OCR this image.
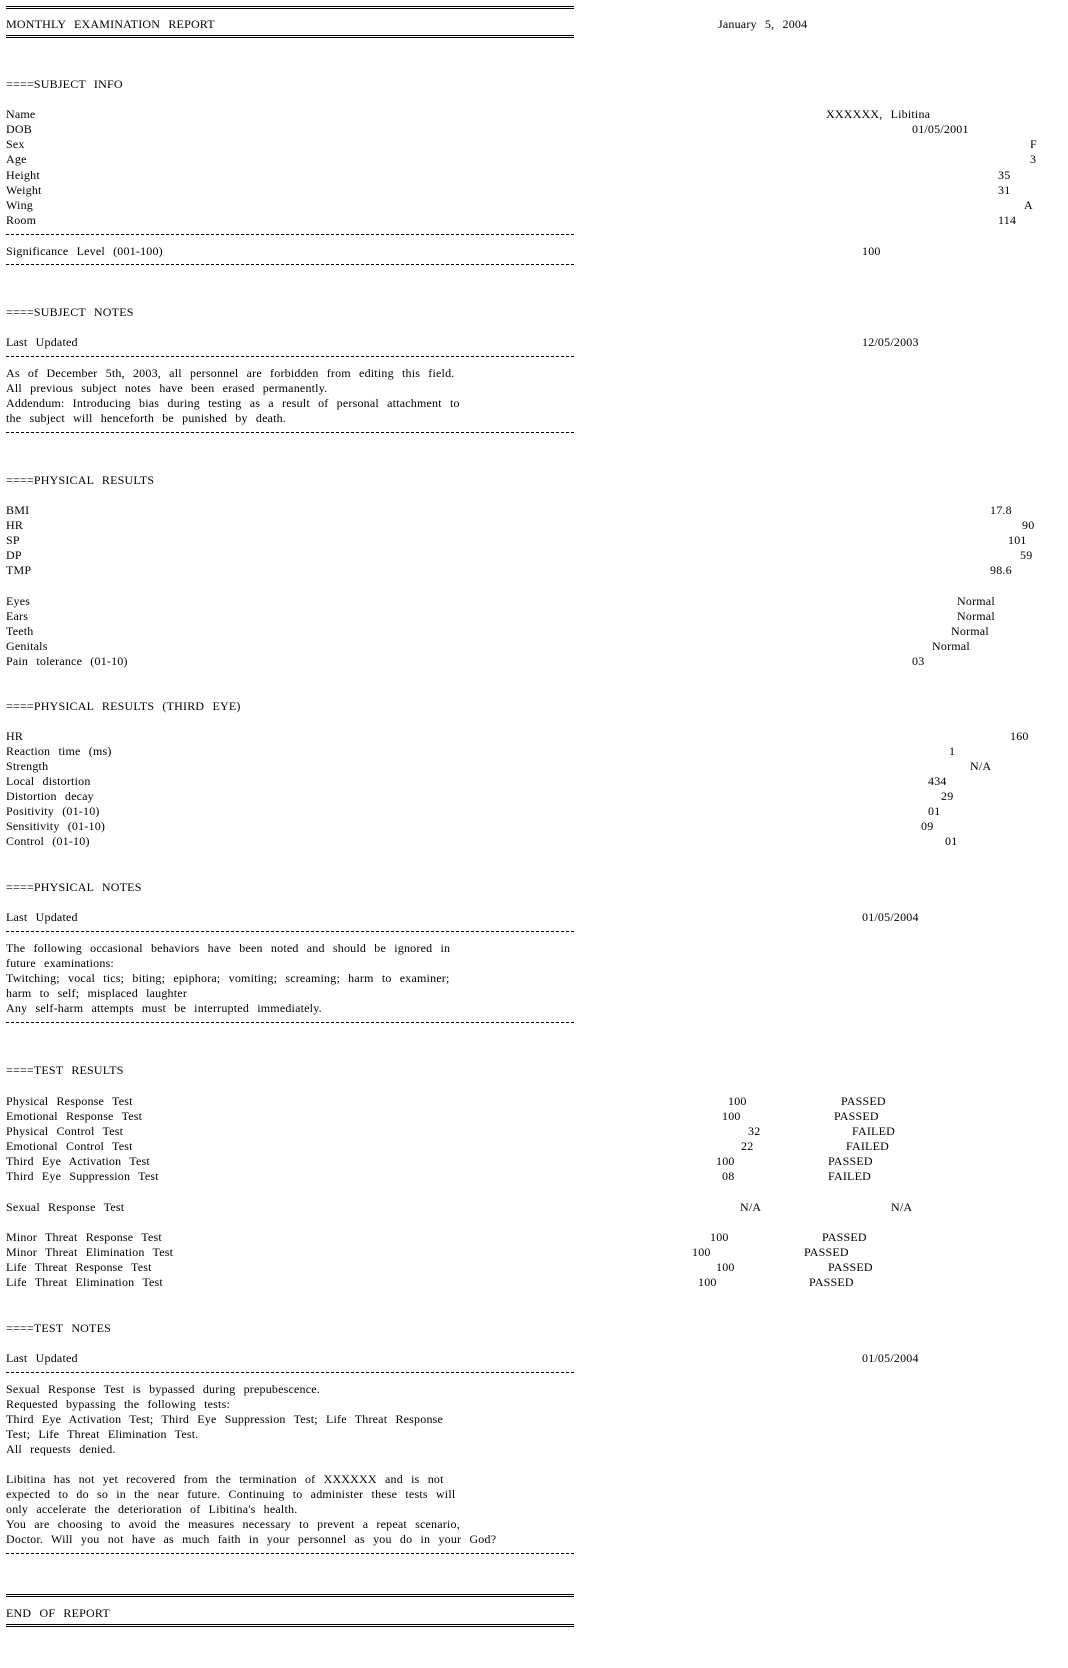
MONTHLY EXAMINATION REPORT	January 5, 2004
====SUBJECT INFO
Name	XXXXXX, Libitina
DOB	01/05/2001
Sex	F
Age	3
Height	35
Weight	31
Wing	A
Room	114
Significance Level (001-100)	100
====SUBJECT NOTES
Last Updated	12/05/2003
As of December 5th, 2003, all personnel are forbidden from editing this field.
All previous subject notes have been erased permanently.
Addendum: Introducing bias during testing as a result of personal attachment to
the subject will henceforth be punished by death.
====PHYSICAL RESULTS
BMI	17.8
HR	90
SP	101
DP	59
TMP	98.6
Eyes	Normal
Ears	Normal
Teeth	Normal
Genitals	Normal
Pain tolerance (01-10)	03
====PHYSICAL RESULTS (THIRD EYE)
HR	160
Reaction time (ms)	1
Strength	N/A
Local distortion	434
Distortion decay	29
Positivity (01-10)	01
Sensitivity (01-10)	09
Control (01-10)	01
====PHYSICAL NOTES
Last Updated	01/05/2004
The following occasional behaviors have been noted and should be ignored in
future examinations:
Twitching; vocal tics; biting; epiphora; vomiting; screaming; harm to examiner;
harm to self; misplaced laughter
Any self-harm attempts must be interrupted immediately.
====TEST RESULTS
Physical Response Test	100	PASSED
Emotional Response Test	100	PASSED
Physical Control Test	32	FAILED
Emotional Control Test	22	FAILED
Third Eye Activation Test	100	PASSED
Third Eye Suppression Test	08	FAILED
Sexual Response Test	N/A	N/A
Minor Threat Response Test	100	PASSED
Minor Threat Elimination Test	100	PASSED
Life Threat Response Test	100	PASSED
Life Threat Elimination Test	100	PASSED
====TEST NOTES
Last Updated	01/05/2004
Sexual Response Test is bypassed during prepubescence.
Requested bypassing the following tests:
Third Eye Activation Test; Third Eye Suppression Test; Life Threat Response
Test; Life Threat Elimination Test.
All requests denied.
Libitina has not yet recovered from the termination of XXXXXX and is not
expected to do so in the near future. Continuing to administer these tests will
only accelerate the deterioration of Libitina's health.
You are choosing to avoid the measures necessary to prevent a repeat scenario,
Doctor. Will you not have as much faith in your personnel as you do in your God?
END OF REPORT
